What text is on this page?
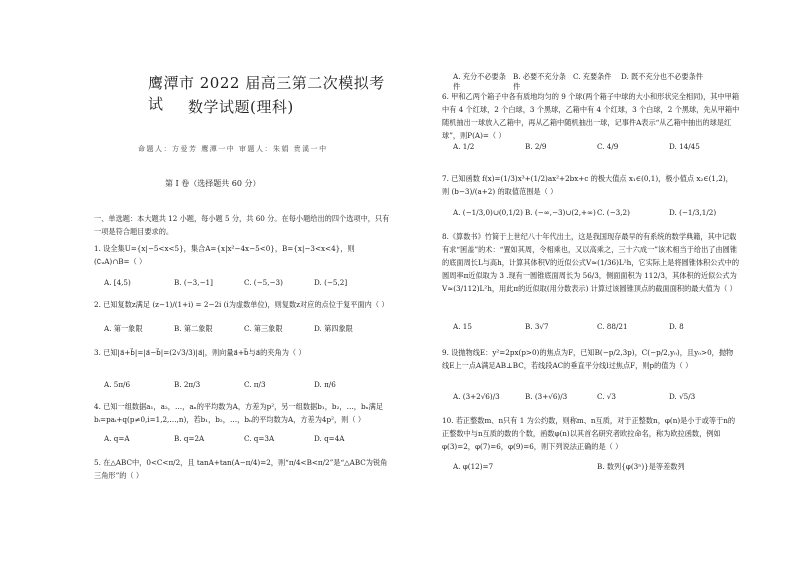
鹰潭市 2022 届高三第二次模拟考试	数学试题(理科)
命题人：方爱芳 鹰潭一中 审题人：朱娟 贵溪一中
第 I 卷（选择题共 60 分）
一、单选题：本大题共 12 小题，每小题 5 分，共 60 分。在每小题给出的四个选项中，只有一项是符合题目要求的。
1. 设全集U={x|−5<x<5}，集合A={x|x²−4x−5<0}，B={x|−3<x<4}，则(∁ᵤA)∩B=（ ）
A. [4,5)	B. (−3,−1]	C. (−5,−3)	D. (−5,2]
2. 已知复数z满足 (z−1)/(1+i) = 2−2i (i为虚数单位)，则复数z对应的点位于复平面内（ ）
A. 第一象限	B. 第二象限	C. 第三象限	D. 第四象限
3. 已知|a⃗+b⃗|=|a⃗−b⃗|=(2√3/3)|a⃗|，则向量a⃗+b⃗与a⃗的夹角为（ ）
A. 5π/6	B. 2π/3	C. π/3	D. π/6
4. 已知一组数据a₁，a₂，…，aₙ的平均数为A，方差为p²，另一组数据b₁，b₂，…，bₙ满足bᵢ=paᵢ+q(p≠0,i=1,2,…,n)，若b₁，b₂，…，bₙ的平均数为A，方差为4p²，则（ ）
A. q=A	B. q=2A	C. q=3A	D. q=4A
5. 在△ABC中，0<C<π/2，且 tanA+tan(A−π/4)=2，则“π/4<B<π/2”是“△ABC为锐角三角形”的（ ）
A. 充分不必要条件
B. 必要不充分条件
C. 充要条件	D. 既不充分也不必要条件
6. 甲和乙两个箱子中各有质地均匀的 9 个球(两个箱子中球的大小和形状完全相同)，其中甲箱中有 4 个红球，2 个白球，3 个黑球，乙箱中有 4 个红球，3 个白球，2 个黑球，先从甲箱中随机抽出一球放入乙箱中，再从乙箱中随机抽出一球，记事件A表示“从乙箱中抽出的球是红球”，则P(A)=（ ）
A. 1/2	B. 2/9	C. 4/9	D. 14/45
7. 已知函数 f(x)=(1/3)x³+(1/2)ax²+2bx+c 的极大值点 x₁∈(0,1)，极小值点 x₂∈(1,2)，则 (b−3)/(a+2) 的取值范围是（ ）
A. (−1/3,0)∪(0,1/2) B. (−∞,−3)∪(2,+∞) C. (−3,2)	D. (−1/3,1/2)
8.《算数书》竹简于上世纪八十年代出土，这是我国现存最早的有系统的数学典籍，其中记载有求“囷盖”的术：“置如其周，令相乘也，又以高乘之，三十六成一”该术相当于给出了由圆锥的底面周长L与高h，计算其体积V的近似公式V≈(1/36)L²h，它实际上是将圆锥体积公式中的圆周率π近似取为 3 .现有一圆锥底面周长为 56/3，侧面面积为 112/3，其体积的近似公式为V≈(3/112)L²h，用此π的近似取(用分数表示) 计算过该圆锥顶点的截面面积的最大值为（ ）
A. 15	B. 3√7	C. 88/21	D. 8
9. 设抛物线E：y²=2px(p>0)的焦点为F，已知B(−p/2,3p)，C(−p/2,y₀)，且y₀>0，抛物线E上一点A满足AB⊥BC，若线段AC的垂直平分线l过焦点F，则p的值为（ ）
A. (3+2√6)/3	B. (3+√6)/3	C. √3	D. √5/3
10. 若正整数m、n只有 1 为公约数，则称m、n互质，对于正整数n，φ(n)是小于或等于n的正整数中与n互质的数的个数，函数φ(n)以其首名研究者欧拉命名，称为欧拉函数，例如φ(3)=2，φ(7)=6，φ(9)=6，则下列说法正确的是（ ）
A. φ(12)=7	B. 数列{φ(3ⁿ)}是等差数列
